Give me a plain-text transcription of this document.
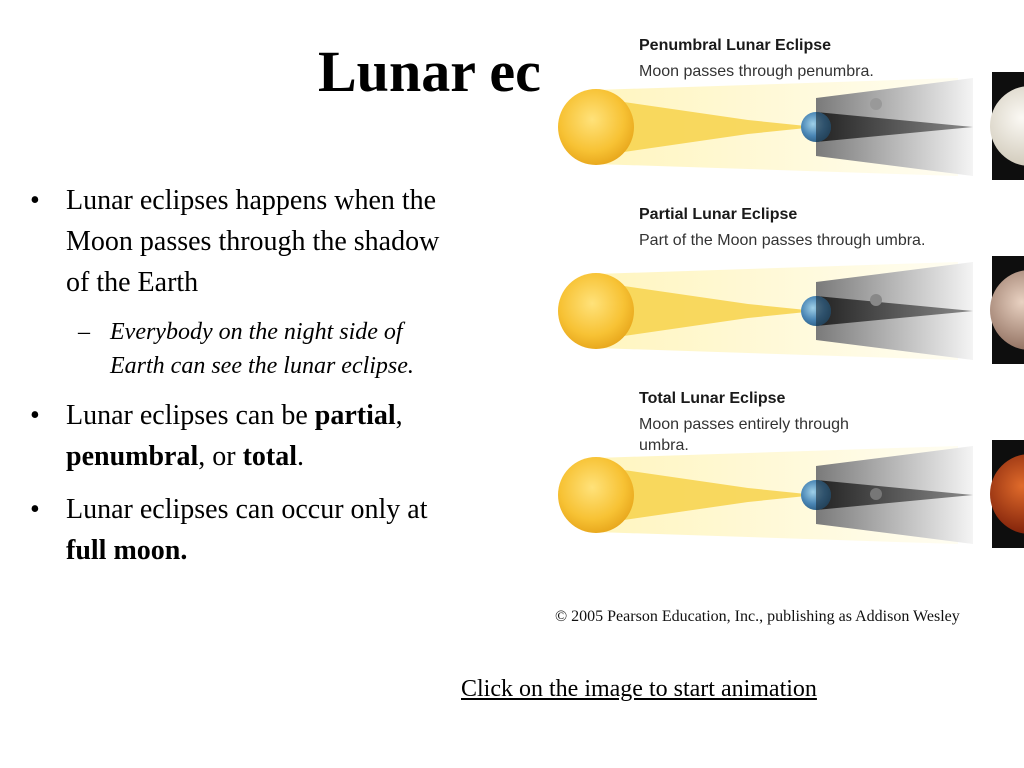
Lunar ec
• Lunar eclipses happens when the Moon passes through the shadow of the Earth
– Everybody on the night side of Earth can see the lunar eclipse.
• Lunar eclipses can be partial, penumbral, or total.
• Lunar eclipses can occur only at full moon.
Penumbral Lunar Eclipse
Moon passes through penumbra.
Partial Lunar Eclipse
Part of the Moon passes through umbra.
Total Lunar Eclipse
Moon passes entirely through umbra.
© 2005 Pearson Education, Inc., publishing as Addison Wesley
Click on the image to start animation
